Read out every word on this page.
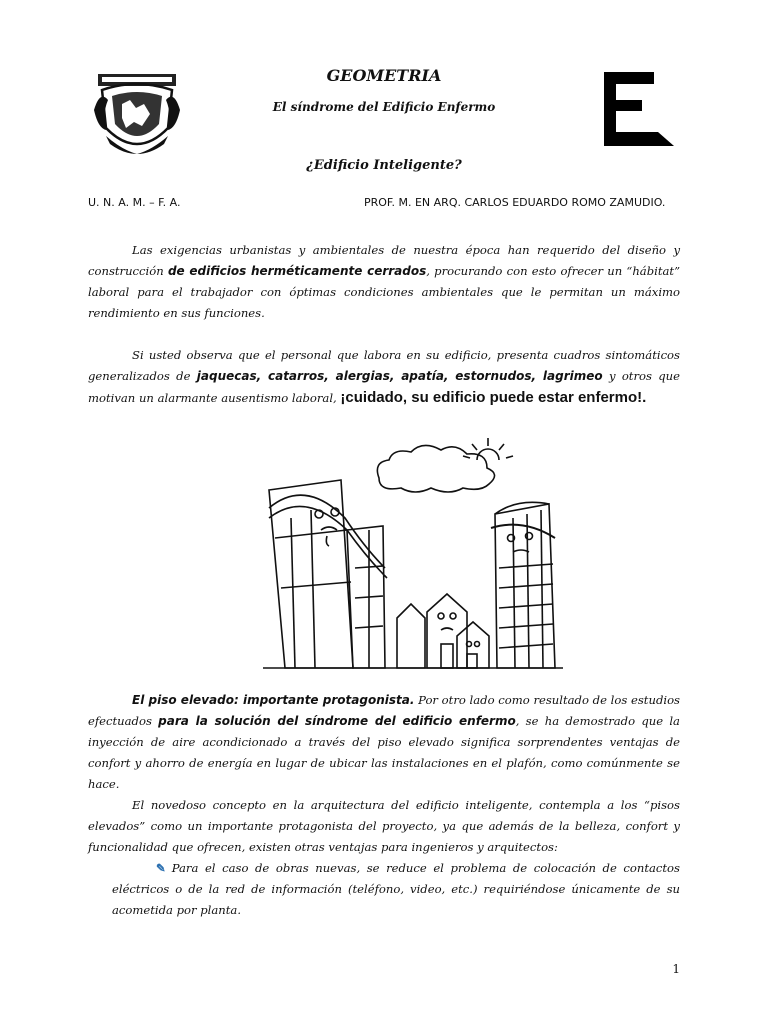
GEOMETRIA
El síndrome del Edificio Enfermo
¿Edificio Inteligente?
U. N. A. M. – F. A.	PROF. M. EN ARQ. CARLOS EDUARDO ROMO ZAMUDIO.

Las exigencias urbanistas y ambientales de nuestra época han requerido del diseño y construcción de edificios herméticamente cerrados, procurando con esto ofrecer un “hábitat” laboral para el trabajador con óptimas condiciones ambientales que le permitan un máximo rendimiento en sus funciones.

Si usted observa que el personal que labora en su edificio, presenta cuadros sintomáticos generalizados de jaquecas, catarros, alergias, apatía, estornudos, lagrimeo y otros que motivan un alarmante ausentismo laboral, ¡cuidado, su edificio puede estar enfermo!.

El piso elevado: importante protagonista. Por otro lado como resultado de los estudios efectuados para la solución del síndrome del edificio enfermo, se ha demostrado que la inyección de aire acondicionado a través del piso elevado significa sorprendentes ventajas de confort y ahorro de energía en lugar de ubicar las instalaciones en el plafón, como comúnmente se hace.

El novedoso concepto en la arquitectura del edificio inteligente, contempla a los “pisos elevados” como un importante protagonista del proyecto, ya que además de la belleza, confort y funcionalidad que ofrecen, existen otras ventajas para ingenieros y arquitectos:

✎ Para el caso de obras nuevas, se reduce el problema de colocación de contactos eléctricos o de la red de información (teléfono, video, etc.) requiriéndose únicamente de su acometida por planta.

1
